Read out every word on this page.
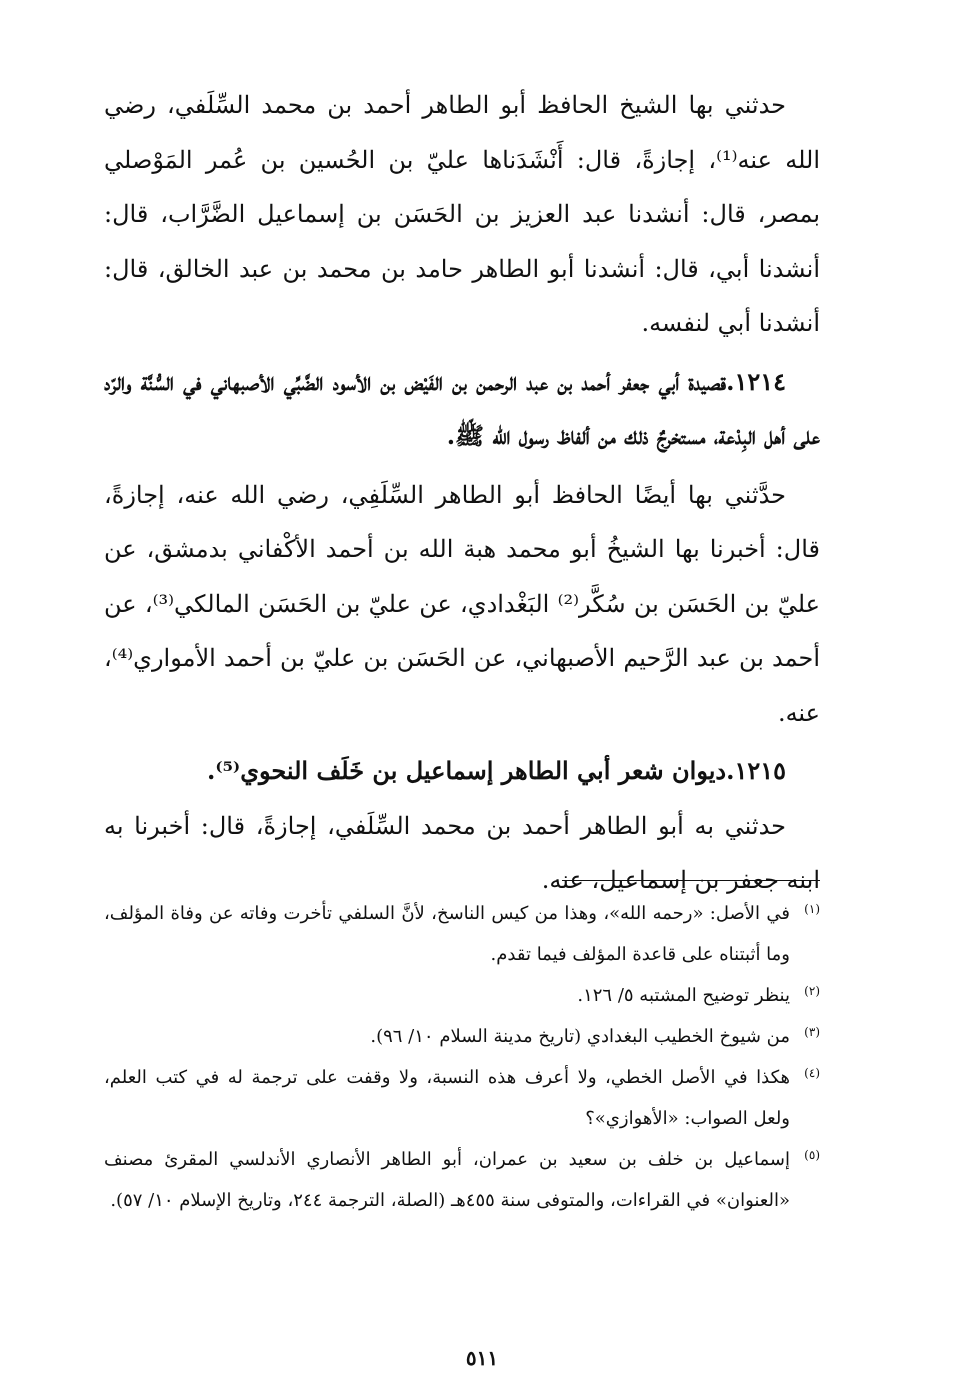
حدثني بها الشيخ الحافظ أبو الطاهر أحمد بن محمد السِّلَفي، رضي الله عنه⁽¹⁾، إجازةً، قال: أَنْشَدَناها عليّ بن الحُسين بن عُمر المَوْصلي بمصر، قال: أنشدنا عبد العزيز بن الحَسَن بن إسماعيل الضَّرَّاب، قال: أنشدنا أبي، قال: أنشدنا أبو الطاهر حامد بن محمد بن عبد الخالق، قال: أنشدنا أبي لنفسه.

١٢١٤.قصيدة أبي جعفر أحمد بن عبد الرحمن بن الفَيْض بن الأسود الضَّبِّي الأصبهاني في السُّنَّة والرّد على أهل البِدْعة، مستخرجٌ ذلك من ألفاظ رسول الله ﷺ.

حدَّثني بها أيضًا الحافظ أبو الطاهر السِّلَفِي، رضي الله عنه، إجازةً، قال: أخبرنا بها الشيخُ أبو محمد هبة الله بن أحمد الأكْفاني بدمشق، عن عليّ بن الحَسَن بن سُكَّر⁽²⁾ البَغْدادي، عن عليّ بن الحَسَن المالكي⁽³⁾، عن أحمد بن عبد الرَّحيم الأصبهاني، عن الحَسَن بن عليّ بن أحمد الأمواري⁽⁴⁾، عنه.

١٢١٥.ديوان شعر أبي الطاهر إسماعيل بن خَلَف النحوي⁽⁵⁾.

حدثني به أبو الطاهر أحمد بن محمد السِّلَفي، إجازةً، قال: أخبرنا به ابنه جعفر بن إسماعيل، عنه.

(١)
في الأصل: «رحمه الله»، وهذا من كيس الناسخ، لأنَّ السلفي تأخرت وفاته عن وفاة المؤلف، وما أثبتناه على قاعدة المؤلف فيما تقدم.
(٢)
ينظر توضيح المشتبه ٥/ ١٢٦.
(٣)
من شيوخ الخطيب البغدادي (تاريخ مدينة السلام ١٠/ ٩٦).
(٤)
هكذا في الأصل الخطي، ولا أعرف هذه النسبة، ولا وقفت على ترجمة له في كتب العلم، ولعل الصواب: «الأهوازي»؟
(٥)
إسماعيل بن خلف بن سعيد بن عمران، أبو الطاهر الأنصاري الأندلسي المقرئ مصنف «العنوان» في القراءات، والمتوفى سنة ٤٥٥هـ (الصلة، الترجمة ٢٤٤، وتاريخ الإسلام ١٠/ ٥٧).
٥١١
